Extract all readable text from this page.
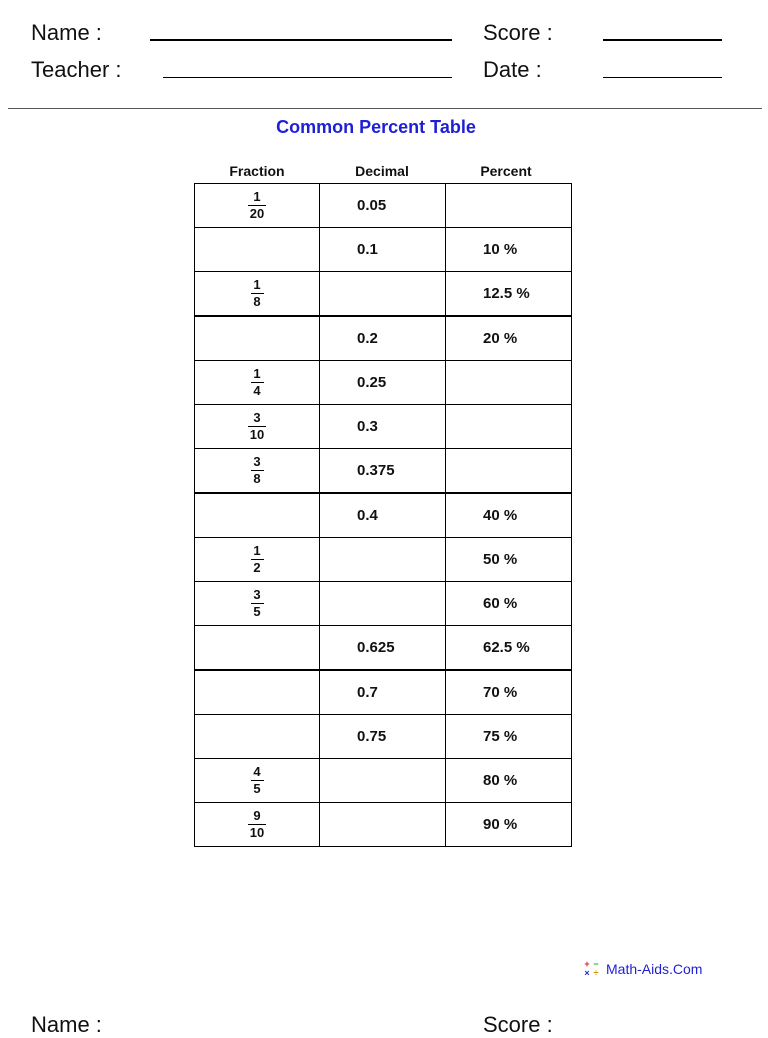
Name :
Teacher :
Score :
Date :
Common Percent Table
Fraction	Decimal	Percent
$\frac{1}{20}$	0.05	
	0.1	10 %

$\frac{1}{8}$		12.5 %
	0.2	20 %

$\frac{1}{4}$	0.25	

$\frac{3}{10}$	0.3	

$\frac{3}{8}$	0.375	
	0.4	40 %

$\frac{1}{2}$		50 %

$\frac{3}{5}$		60 %
	0.625	62.5 %
	0.7	70 %
	0.75	75 %

$\frac{4}{5}$		80 %

$\frac{9}{10}$		90 %
+ −
× ÷ Math-Aids.Com
Name :	Score :
